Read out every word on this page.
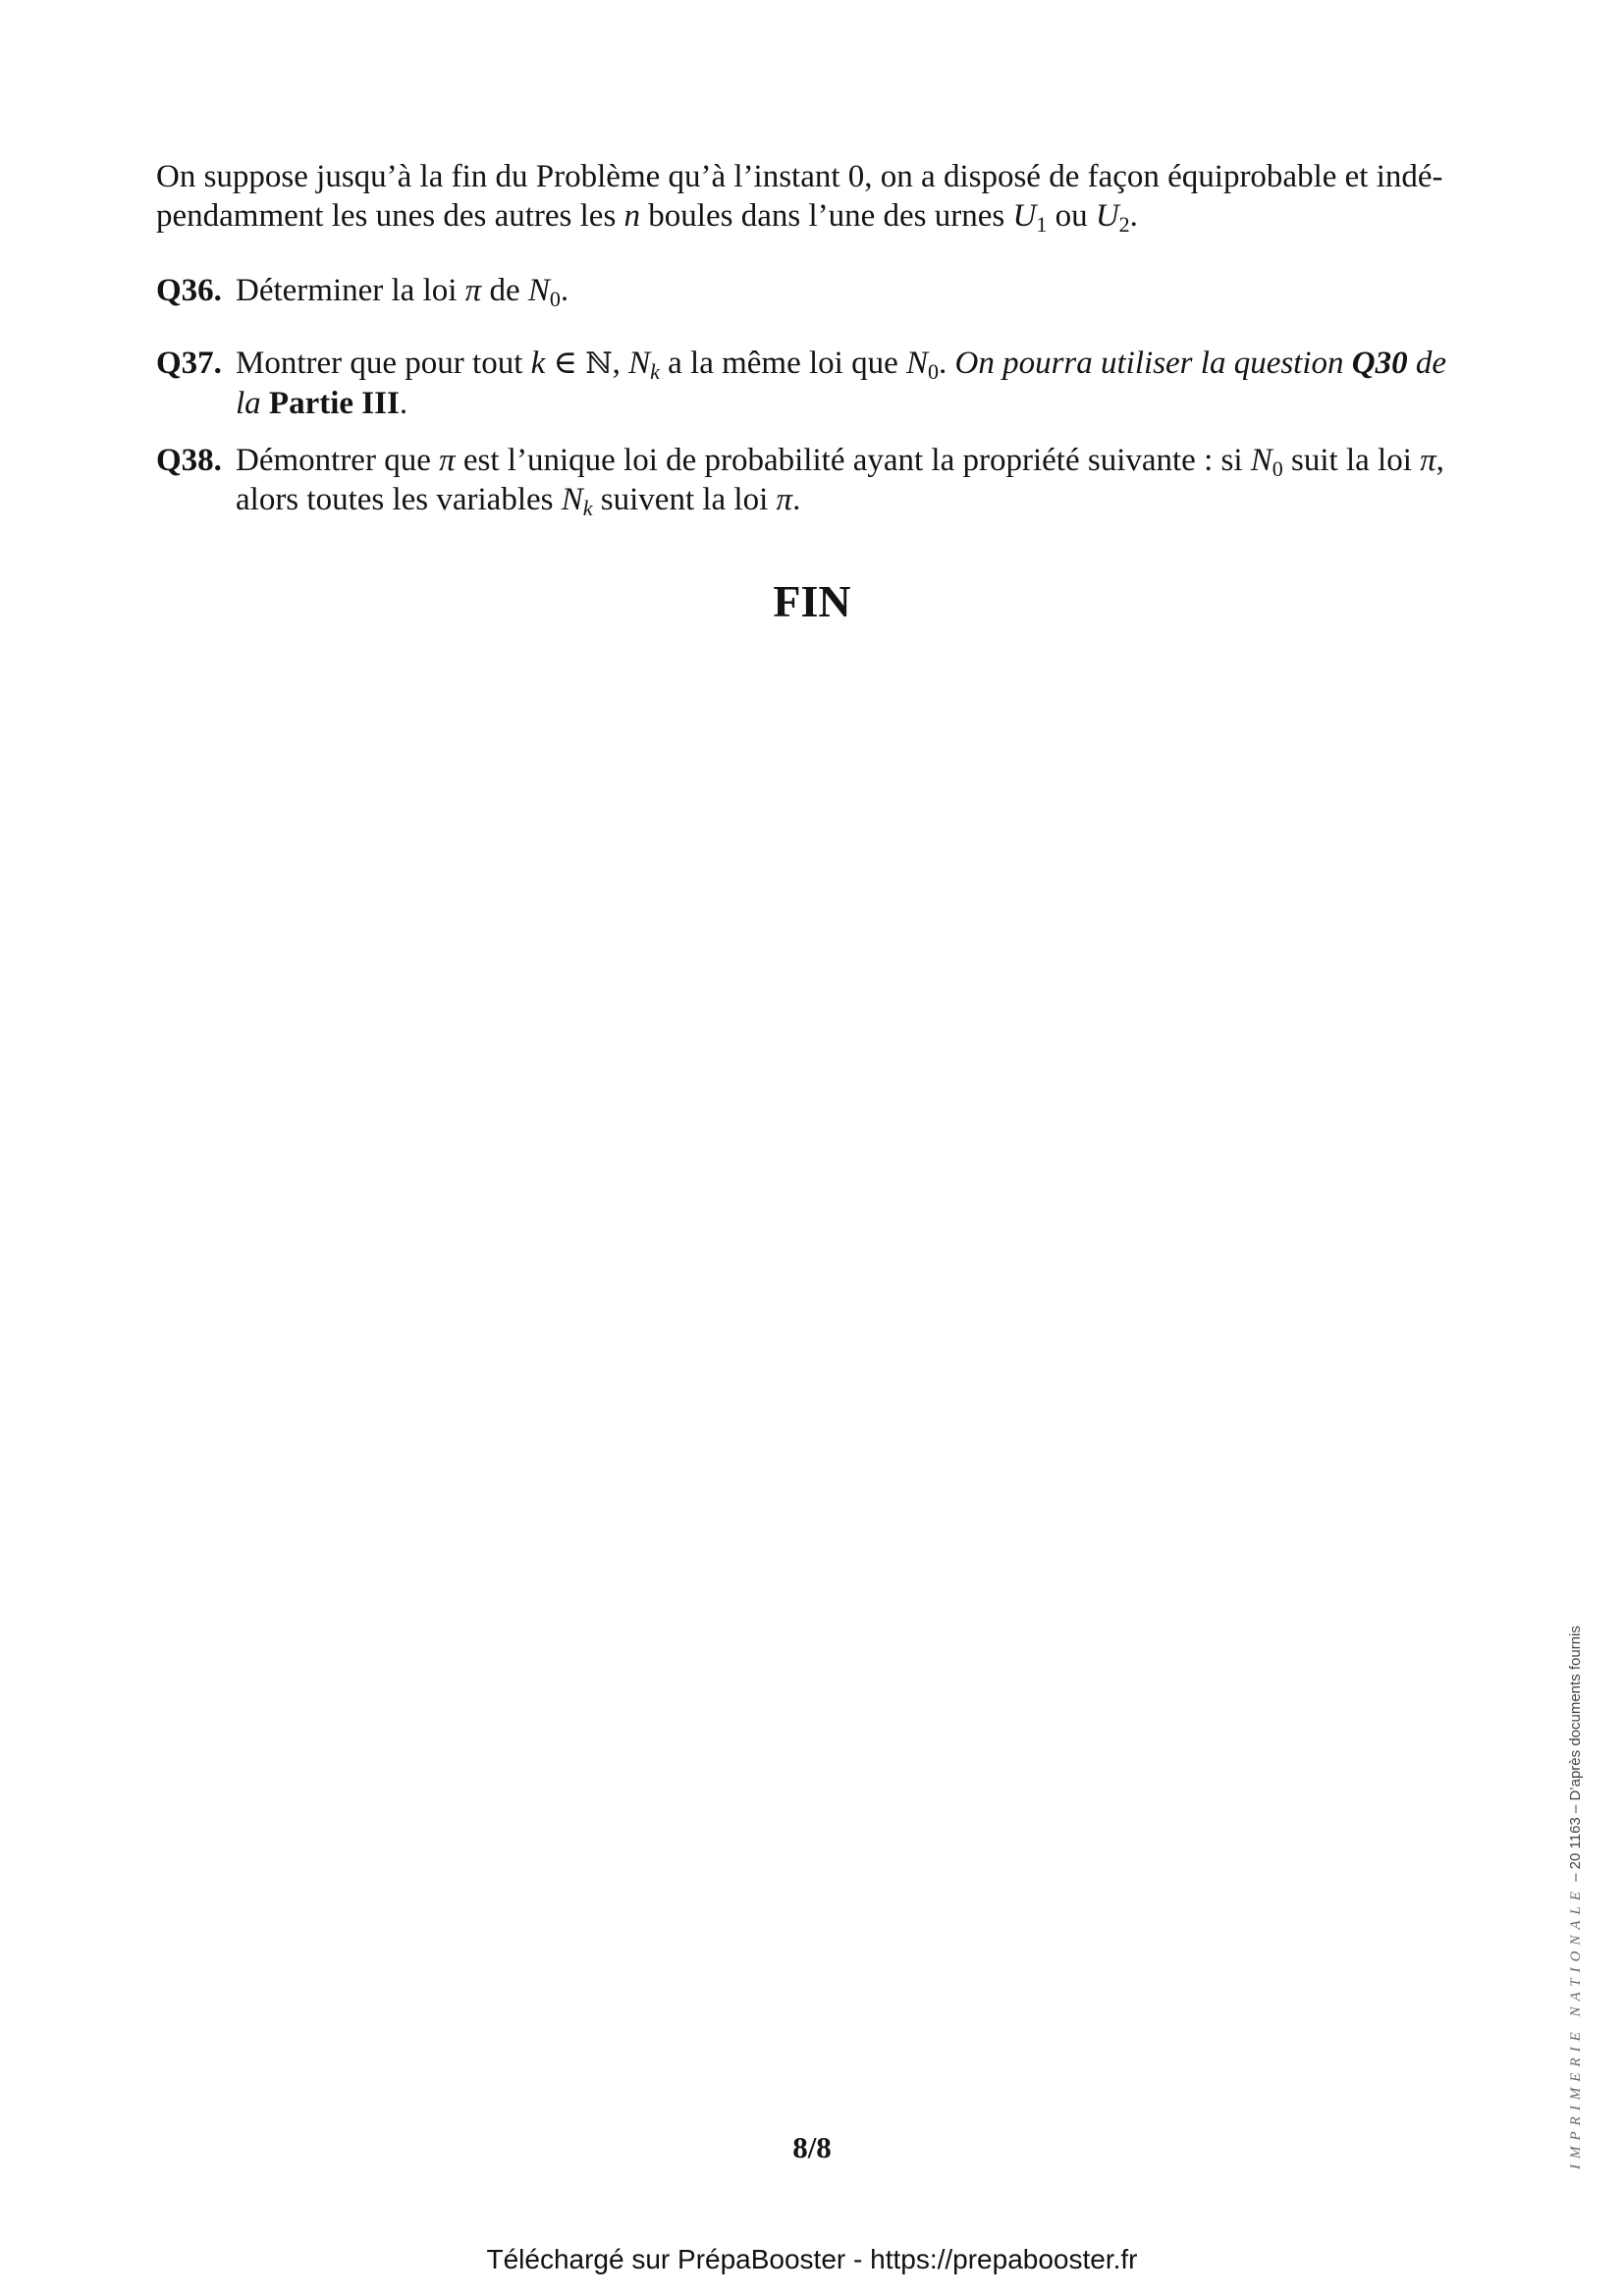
On suppose jusqu’à la fin du Problème qu’à l’instant 0, on a disposé de façon équiprobable et indé-
pendamment les unes des autres les n boules dans l’une des urnes $U_1$ ou $U_2$.
Q36. Déterminer la loi π de $N_0$.
Q37. Montrer que pour tout k ∈ ℕ, $N_k$ a la même loi que $N_0$. On pourra utiliser la question Q30 de
la Partie III.
Q38. Démontrer que π est l’unique loi de probabilité ayant la propriété suivante : si $N_0$ suit la loi π,
alors toutes les variables $N_k$ suivent la loi π.
FIN
8/8
Téléchargé sur PrépaBooster - https://prepabooster.fr
IMPRIMERIE NATIONALE – 20 1163 – D’après documents fournis
